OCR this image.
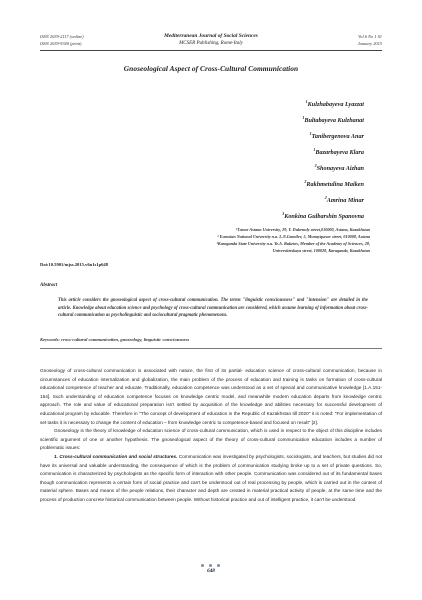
ISSN 2039-2117 (online)
ISSN 2039-9340 (print)
Mediterranean Journal of Social Sciences
MCSER Publishing, Rome-Italy
Vol 6 No 1 S1
January 2015
Gnoseological Aspect of Cross-Cultural Communication
$^1$Kulzhabayeva Lyazzat
$^1$Bultabayeva Kulzhanat
$^1$Tanibergenova Anar
$^1$Bazarbayeva Klara
$^2$Shonayeva Aizhan
$^2$Rakhmetulina Maiken
$^2$Amrina Minar
$^3$Konkina Gulbarshin Spanovna
¹Turan-Astana University, 29, Y. Dukenuly street,010000, Astana, Kazakhstan
² Eurasian National University n.a. L.N.Gumilev, 5, Munaytpasov street, 010008, Astana
³Karaganda State University n.a. Ye.A. Buketov, Member of the Academy of Sciences, 28,
Universitetskaya street, 100028, Karaganda, Kazakhstan
Doi:10.5901/mjss.2015.v6n1s1p648
Abstract
This article considers the gnoseological aspect of cross-cultural communication. The terms "linguistic consciousness" and "intension" are detailed in the article. Knowledge about education science and psychology of cross-cultural communication are considered, which assume learning of information about cross-cultural communication as psycholinguistic and sociocultural pragmatic phenomenons.
Keywords: cross-cultural communication, gnoseology, linguistic consciousness

Gnoseology of cross-cultural communication is associated with nature, the first of its partial- education science of cross-cultural communication, because in circumstances of education internalization and globalization, the main problem of the process of education and training is tasks on formation of cross-cultural educational competence of teacher and educate. Traditionally, education competence was understood as a set of special and communicative knowledge [1.A.151-154]. Such understanding of education competence focuses on knowledge centric model, and meanwhile modern education departs from knowledge centric approach. The role and value of educational preparation isn't settled by acquisition of the knowledge and abilities necessary for successful development of educational program by educable. Therefore in "The concept of development of education in the Republic of Kazakhstan till 2020" it is noted: "For implementation of set tasks it is necessary to change the content of education – from knowledge centric to competence-based and focused on result" [2].

Gnoseology is the theory of knowledge of education science of cross-cultural communication, which is used in respect to the object of this discipline includes scientific argument of one or another hypothesis. The gnoseological aspect of the theory of cross-cultural communication education includes a number of problematic issues:

1. Cross-cultural communication and social structures. Communication was investigated by psychologists, sociologists, and teachers, but studies did not have its universal and valuable understanding, the consequence of which is the problem of communication studying broke up to a set of private questions. So, communication is characterized by psychologists as the specific form of interaction with other people. Communication was considered out of its fundamental bases though communication represents a certain form of social practice and can't be understood out of real processing by people, which is carried out in the context of material sphere. Bases and means of the people relations, their character and depth are created in material practical activity of people, at the same time and the process of production concrete historical communication between people. Without historical practice and out of intelligent practice, it can't be understood

648
